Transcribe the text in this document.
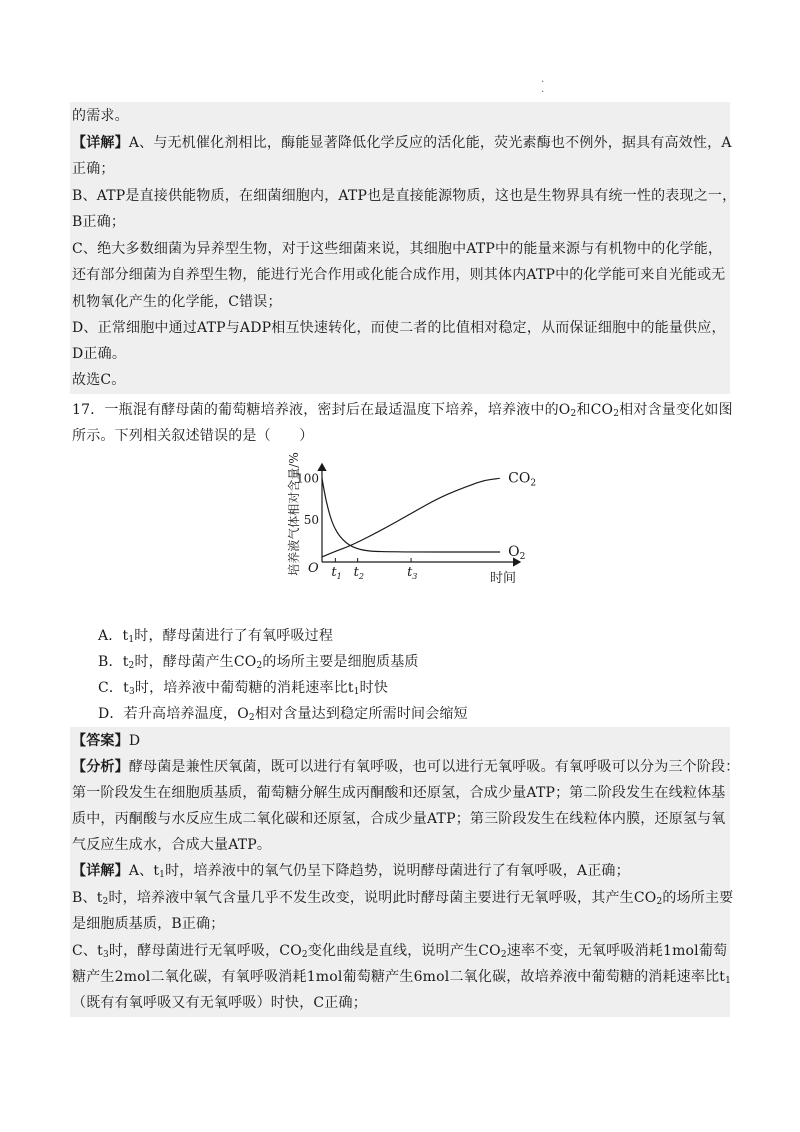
·
·
的需求。
【详解】A、与无机催化剂相比，酶能显著降低化学反应的活化能，荧光素酶也不例外，据具有高效性，A
正确；
B、ATP是直接供能物质，在细菌细胞内，ATP也是直接能源物质，这也是生物界具有统一性的表现之一，
B正确；
C、绝大多数细菌为异养型生物，对于这些细菌来说，其细胞中ATP中的能量来源与有机物中的化学能，
还有部分细菌为自养型生物，能进行光合作用或化能合成作用，则其体内ATP中的化学能可来自光能或无
机物氧化产生的化学能，C错误；
D、正常细胞中通过ATP与ADP相互快速转化，而使二者的比值相对稳定，从而保证细胞中的能量供应，
D正确。
故选C。
17．一瓶混有酵母菌的葡萄糖培养液，密封后在最适温度下培养，培养液中的$O_2$和$CO_2$相对含量变化如图
所示。下列相关叙述错误的是（　　）
培养液气体相对含量/%
100
50
O $t_1$ $t_2$	$t_3$	时间
$CO_2$
$O_2$
A．$t_1$时，酵母菌进行了有氧呼吸过程
B．$t_2$时，酵母菌产生$CO_2$的场所主要是细胞质基质
C．$t_3$时，培养液中葡萄糖的消耗速率比$t_1$时快
D．若升高培养温度，$O_2$相对含量达到稳定所需时间会缩短
【答案】D
【分析】酵母菌是兼性厌氧菌，既可以进行有氧呼吸，也可以进行无氧呼吸。有氧呼吸可以分为三个阶段：
第一阶段发生在细胞质基质，葡萄糖分解生成丙酮酸和还原氢，合成少量ATP；第二阶段发生在线粒体基
质中，丙酮酸与水反应生成二氧化碳和还原氢，合成少量ATP；第三阶段发生在线粒体内膜，还原氢与氧
气反应生成水，合成大量ATP。
【详解】A、$t_1$时，培养液中的氧气仍呈下降趋势，说明酵母菌进行了有氧呼吸，A正确；
B、$t_2$时，培养液中氧气含量几乎不发生改变，说明此时酵母菌主要进行无氧呼吸，其产生$CO_2$的场所主要
是细胞质基质，B正确；
C、$t_3$时，酵母菌进行无氧呼吸，$CO_2$变化曲线是直线，说明产生$CO_2$速率不变，无氧呼吸消耗1mol葡萄
糖产生2mol二氧化碳，有氧呼吸消耗1mol葡萄糖产生6mol二氧化碳，故培养液中葡萄糖的消耗速率比$t_1$
（既有有氧呼吸又有无氧呼吸）时快，C正确；
